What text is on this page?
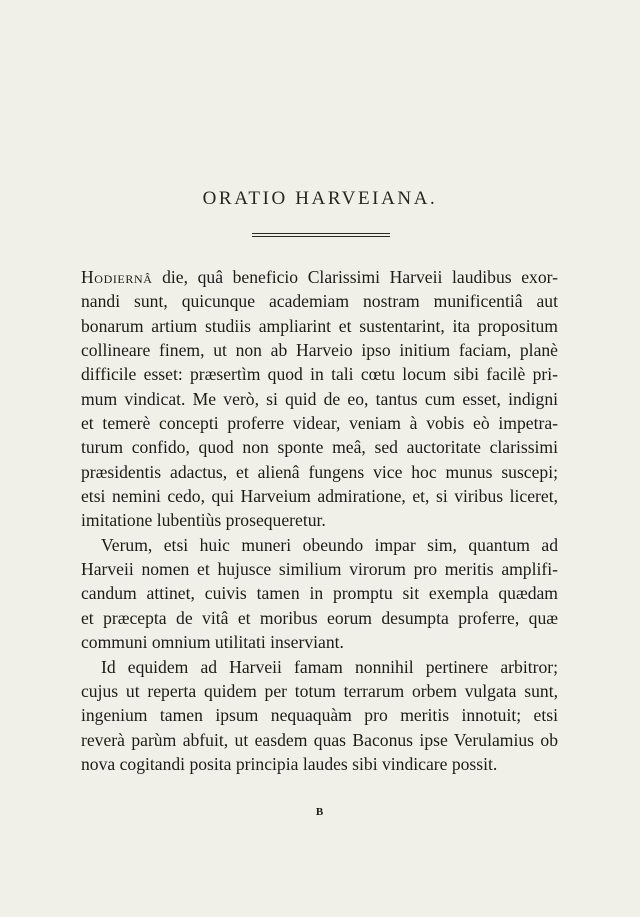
ORATIO HARVEIANA.

Hodiernâ die, quâ beneficio Clarissimi Harveii laudibus exor-
nandi sunt, quicunque academiam nostram munificentiâ aut
bonarum artium studiis ampliarint et sustentarint, ita propositum
collineare finem, ut non ab Harveio ipso initium faciam, planè
difficile esset: præsertìm quod in tali cœtu locum sibi facilè pri-
mum vindicat. Me verò, si quid de eo, tantus cum esset, indigni
et temerè concepti proferre videar, veniam à vobis eò impetra-
turum confido, quod non sponte meâ, sed auctoritate clarissimi
præsidentis adactus, et alienâ fungens vice hoc munus suscepi;
etsi nemini cedo, qui Harveium admiratione, et, si viribus liceret,
imitatione lubentiùs prosequeretur.

Verum, etsi huic muneri obeundo impar sim, quantum ad
Harveii nomen et hujusce similium virorum pro meritis amplifi-
candum attinet, cuivis tamen in promptu sit exempla quædam
et præcepta de vitâ et moribus eorum desumpta proferre, quæ
communi omnium utilitati inserviant.

Id equidem ad Harveii famam nonnihil pertinere arbitror;
cujus ut reperta quidem per totum terrarum orbem vulgata sunt,
ingenium tamen ipsum nequaquàm pro meritis innotuit; etsi
reverà parùm abfuit, ut easdem quas Baconus ipse Verulamius ob
nova cogitandi posita principia laudes sibi vindicare possit.

B
